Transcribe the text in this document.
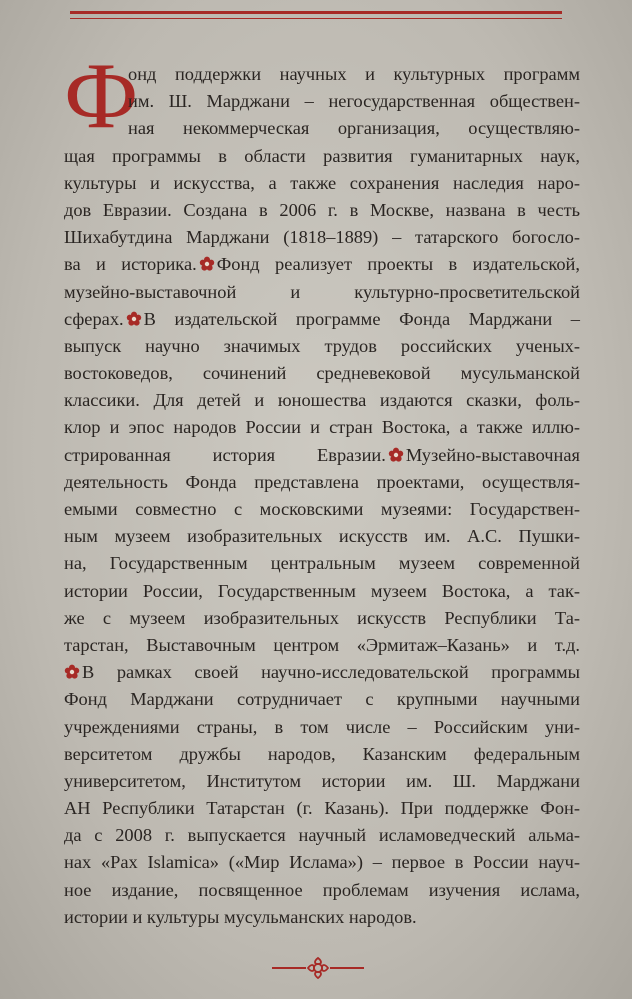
Ф
онд поддержки научных и культурных программ
им. Ш. Марджани – негосударственная обществен-
ная некоммерческая организация, осуществляю-
щая программы в области развития гуманитарных наук,
культуры и искусства, а также сохранения наследия наро-
дов Евразии. Создана в 2006 г. в Москве, названа в честь
Шихабутдина Марджани (1818–1889) – татарского богосло-
ва и историка. Фонд реализует проекты в издательской,
музейно-выставочной и культурно-просветительской
сферах. В издательской программе Фонда Марджани –
выпуск научно значимых трудов российских ученых-
востоковедов, сочинений средневековой мусульманской
классики. Для детей и юношества издаются сказки, фоль-
клор и эпос народов России и стран Востока, а также иллю-
стрированная история Евразии. Музейно-выставочная
деятельность Фонда представлена проектами, осуществля-
емыми совместно с московскими музеями: Государствен-
ным музеем изобразительных искусств им. А.С. Пушки-
на, Государственным центральным музеем современной
истории России, Государственным музеем Востока, а так-
же с музеем изобразительных искусств Республики Та-
тарстан, Выставочным центром «Эрмитаж–Казань» и т.д.
В рамках своей научно-исследовательской программы
Фонд Марджани сотрудничает с крупными научными
учреждениями страны, в том числе – Российским уни-
верситетом дружбы народов, Казанским федеральным
университетом, Институтом истории им. Ш. Марджани
АН Республики Татарстан (г. Казань). При поддержке Фон-
да с 2008 г. выпускается научный исламоведческий альма-
нах «Pax Islamica» («Мир Ислама») – первое в России науч-
ное издание, посвященное проблемам изучения ислама,
истории и культуры мусульманских народов.
